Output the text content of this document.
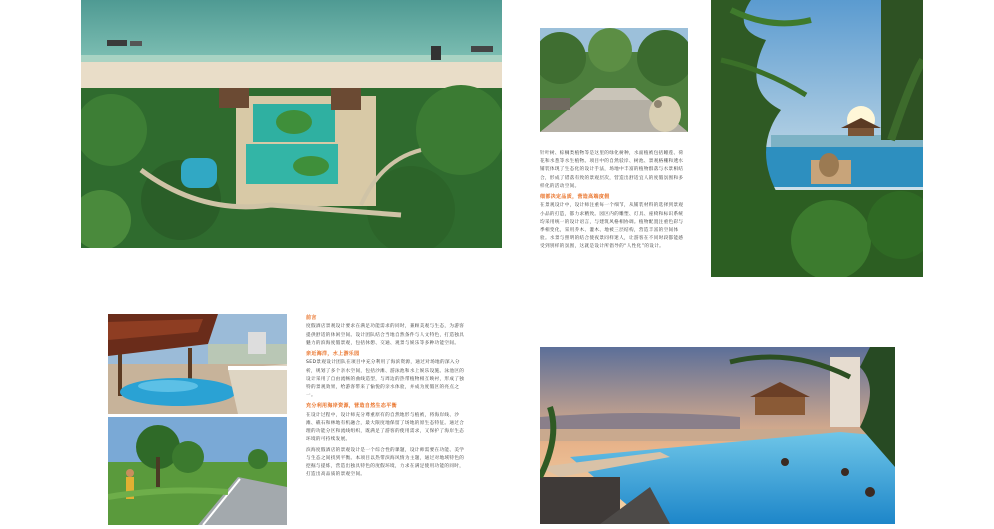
针叶树、棕榈类植物等是这里的绿化树种，水面植被包括睡莲、荷花和水葱等水生植物。项目中的自然驳岸、树池、景观格栅和透水铺装体现了生态化的设计手法，场地中丰富的植物群落与水景相结合，形成了错落有致的景观层次，营造出舒适宜人的度假氛围和多样化的活动空间。

细部决定品质，营造高端度假

在景观设计中，设计师注重每一个细节，从铺装材料的选择到景观小品的打造，都力求精致。园区内的雕塑、灯具、座椅和标识系统均采用统一的设计语言，与建筑风格相协调。植物配置注重色彩与季相变化，采用乔木、灌木、地被三层结构，营造丰富的空间体验。水景与照明的结合使夜景同样迷人，让游客在不同时段都能感受到别样的氛围，这就是设计所倡导的“人性化”的设计。

前言

度假酒店景观设计要求在满足功能需求的同时，兼顾美观与生态，为游客提供舒适的休闲空间。设计团队结合当地自然条件与人文特色，打造独具魅力的滨海度假景观，包括休憩、交通、观景与娱乐等多种功能空间。

亲近海洋，水上游乐园

SED景观设计团队在项目中充分利用了海滨资源，通过对场地的深入分析，规划了多个亲水空间，包括沙滩、游泳池和水上娱乐设施。泳池区的设计采用了自由流畅的曲线造型，与周边的热带植物相互映衬，形成了独特的景观效果，给游客带来了愉悦的亲水体验，并成为度假区的亮点之一。

充分利用海岸资源，营造自然生态平衡

在设计过程中，设计师充分尊重原有的自然地形与植被，将海岸线、沙滩、礁石和林地有机融合，最大限度地保留了场地的原生态特征。通过合理的功能分区和流线组织，既满足了游客的使用需求，又保护了海岸生态环境的可持续发展。

滨海度假酒店的景观设计是一个综合性的课题，设计师需要在功能、美学与生态之间找到平衡。本项目以热带滨海风情为主题，通过对地域特色的挖掘与提炼，营造出独具特色的度假环境，力求在满足使用功能的同时，打造出高品质的景观空间。
